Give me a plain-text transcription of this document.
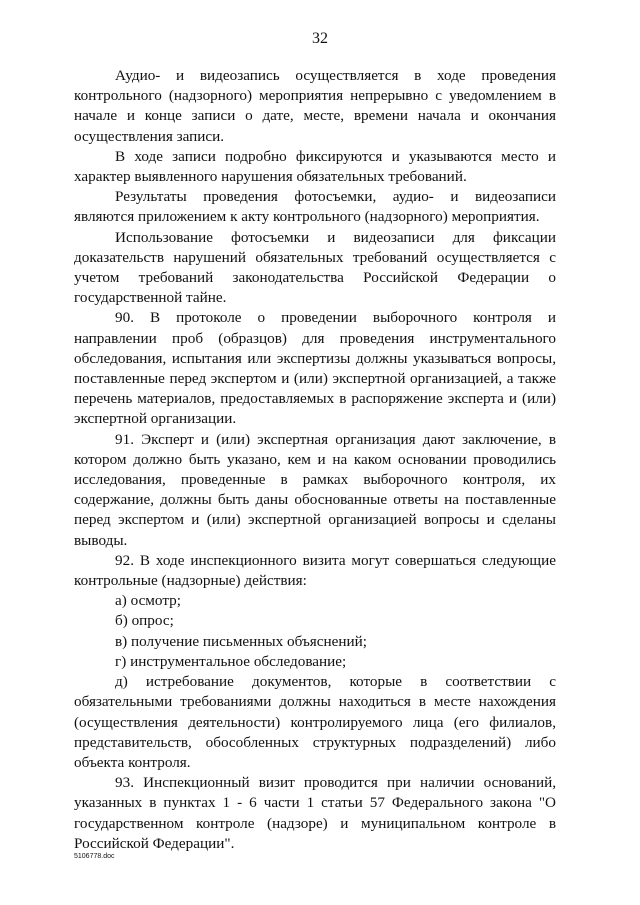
32

Аудио- и видеозапись осуществляется в ходе проведения контрольного (надзорного) мероприятия непрерывно с уведомлением в начале и конце записи о дате, месте, времени начала и окончания осуществления записи.

В ходе записи подробно фиксируются и указываются место и характер выявленного нарушения обязательных требований.

Результаты проведения фотосъемки, аудио- и видеозаписи являются приложением к акту контрольного (надзорного) мероприятия.

Использование фотосъемки и видеозаписи для фиксации доказательств нарушений обязательных требований осуществляется с учетом требований законодательства Российской Федерации о государственной тайне.

90. В протоколе о проведении выборочного контроля и направлении проб (образцов) для проведения инструментального обследования, испытания или экспертизы должны указываться вопросы, поставленные перед экспертом и (или) экспертной организацией, а также перечень материалов, предоставляемых в распоряжение эксперта и (или) экспертной организации.

91. Эксперт и (или) экспертная организация дают заключение, в котором должно быть указано, кем и на каком основании проводились исследования, проведенные в рамках выборочного контроля, их содержание, должны быть даны обоснованные ответы на поставленные перед экспертом и (или) экспертной организацией вопросы и сделаны выводы.

92. В ходе инспекционного визита могут совершаться следующие контрольные (надзорные) действия:

а) осмотр;

б) опрос;

в) получение письменных объяснений;

г) инструментальное обследование;

д) истребование документов, которые в соответствии с обязательными требованиями должны находиться в месте нахождения (осуществления деятельности) контролируемого лица (его филиалов, представительств, обособленных структурных подразделений) либо объекта контроля.

93. Инспекционный визит проводится при наличии оснований, указанных в пунктах 1 - 6 части 1 статьи 57 Федерального закона "О государственном контроле (надзоре) и муниципальном контроле в Российской Федерации".

5106778.doc
